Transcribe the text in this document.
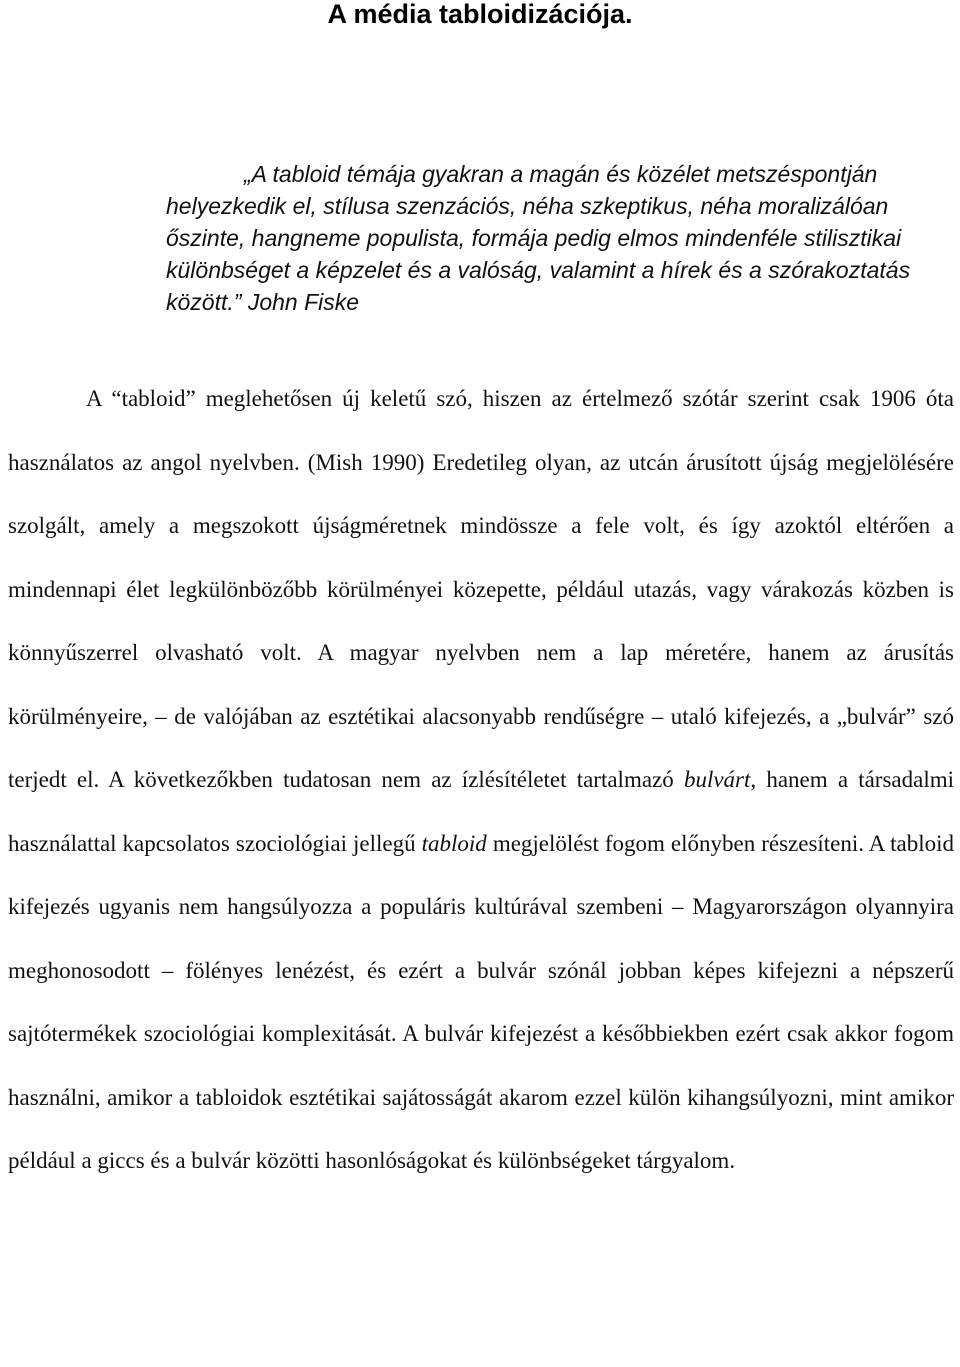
A média tabloidizációja.

„A tabloid témája gyakran a magán és közélet metszéspontján helyezkedik el, stílusa szenzációs, néha szkeptikus, néha moralizálóan őszinte, hangneme populista, formája pedig elmos mindenféle stilisztikai különbséget a képzelet és a valóság, valamint a hírek és a szórakoztatás között.” John Fiske

A “tabloid” meglehetősen új keletű szó, hiszen az értelmező szótár szerint csak 1906 óta használatos az angol nyelvben. (Mish 1990) Eredetileg olyan, az utcán árusított újság megjelölésére szolgált, amely a megszokott újságméretnek mindössze a fele volt, és így azoktól eltérően a mindennapi élet legkülönbözőbb körülményei közepette, például utazás, vagy várakozás közben is könnyűszerrel olvasható volt. A magyar nyelvben nem a lap méretére, hanem az árusítás körülményeire, – de valójában az esztétikai alacsonyabb rendűségre – utaló kifejezés, a „bulvár” szó terjedt el. A következőkben tudatosan nem az ízlésítéletet tartalmazó bulvárt, hanem a társadalmi használattal kapcsolatos szociológiai jellegű tabloid megjelölést fogom előnyben részesíteni. A tabloid kifejezés ugyanis nem hangsúlyozza a populáris kultúrával szembeni – Magyarországon olyannyira meghonosodott – fölényes lenézést, és ezért a bulvár szónál jobban képes kifejezni a népszerű sajtótermékek szociológiai komplexitását. A bulvár kifejezést a későbbiekben ezért csak akkor fogom használni, amikor a tabloidok esztétikai sajátosságát akarom ezzel külön kihangsúlyozni, mint amikor például a giccs és a bulvár közötti hasonlóságokat és különbségeket tárgyalom.
